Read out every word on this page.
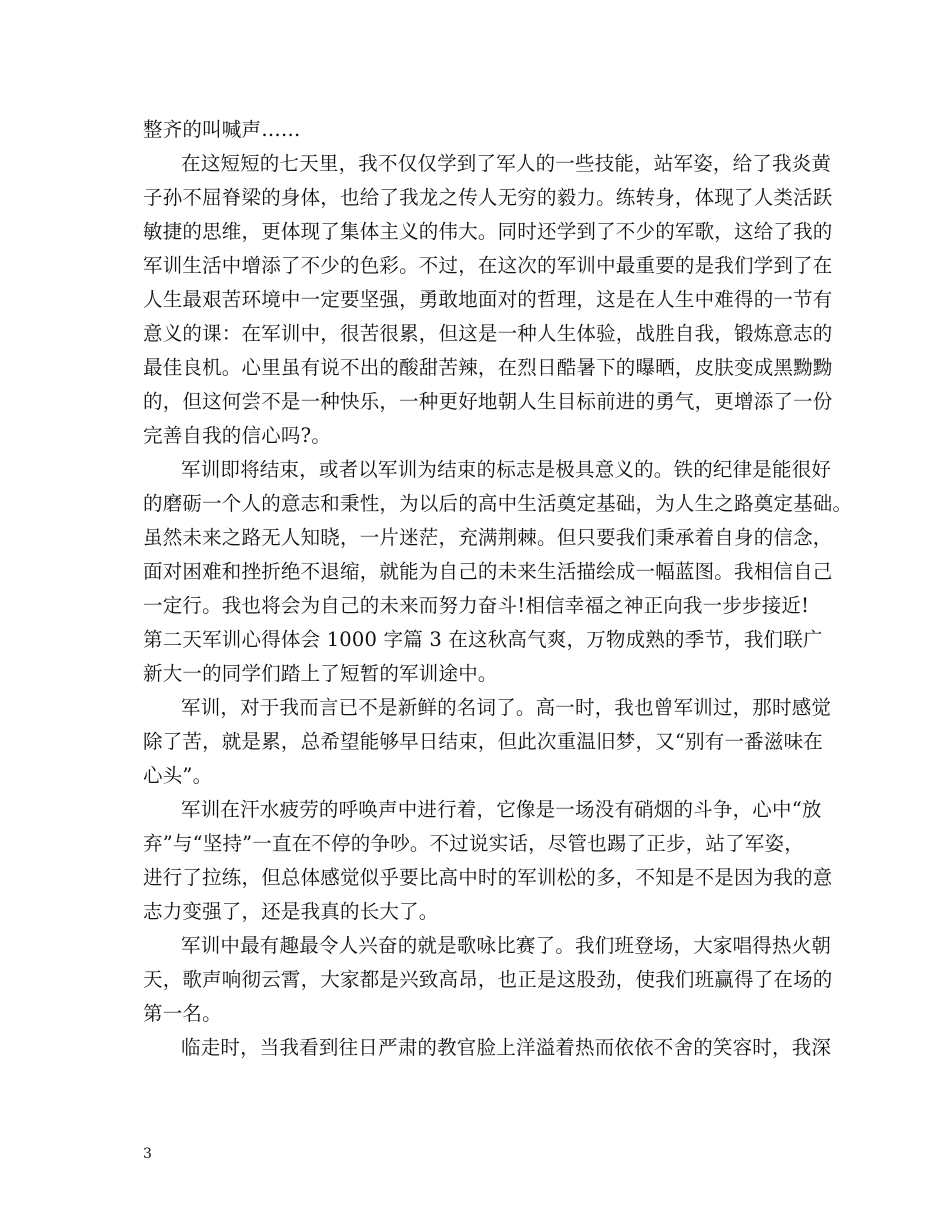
整齐的叫喊声……
在这短短的七天里，我不仅仅学到了军人的一些技能，站军姿，给了我炎黄
子孙不屈脊梁的身体，也给了我龙之传人无穷的毅力。练转身，体现了人类活跃
敏捷的思维，更体现了集体主义的伟大。同时还学到了不少的军歌，这给了我的
军训生活中增添了不少的色彩。不过，在这次的军训中最重要的是我们学到了在
人生最艰苦环境中一定要坚强，勇敢地面对的哲理，这是在人生中难得的一节有
意义的课：在军训中，很苦很累，但这是一种人生体验，战胜自我，锻炼意志的
最佳良机。心里虽有说不出的酸甜苦辣，在烈日酷暑下的曝晒，皮肤变成黑黝黝
的，但这何尝不是一种快乐，一种更好地朝人生目标前进的勇气，更增添了一份
完善自我的信心吗?。
军训即将结束，或者以军训为结束的标志是极具意义的。铁的纪律是能很好
的磨砺一个人的意志和秉性，为以后的高中生活奠定基础，为人生之路奠定基础。
虽然未来之路无人知晓，一片迷茫，充满荆棘。但只要我们秉承着自身的信念，
面对困难和挫折绝不退缩，就能为自己的未来生活描绘成一幅蓝图。我相信自己
一定行。我也将会为自己的未来而努力奋斗!相信幸福之神正向我一步步接近!
第二天军训心得体会 1000 字篇 3 在这秋高气爽，万物成熟的季节，我们联广
新大一的同学们踏上了短暂的军训途中。
军训，对于我而言已不是新鲜的名词了。高一时，我也曾军训过，那时感觉
除了苦，就是累，总希望能够早日结束，但此次重温旧梦，又“别有一番滋味在
心头”。
军训在汗水疲劳的呼唤声中进行着，它像是一场没有硝烟的斗争，心中“放
弃”与“坚持”一直在不停的争吵。不过说实话，尽管也踢了正步，站了军姿，
进行了拉练，但总体感觉似乎要比高中时的军训松的多，不知是不是因为我的意
志力变强了，还是我真的长大了。
军训中最有趣最令人兴奋的就是歌咏比赛了。我们班登场，大家唱得热火朝
天，歌声响彻云霄，大家都是兴致高昂，也正是这股劲，使我们班赢得了在场的
第一名。
临走时，当我看到往日严肃的教官脸上洋溢着热而依依不舍的笑容时，我深
3
